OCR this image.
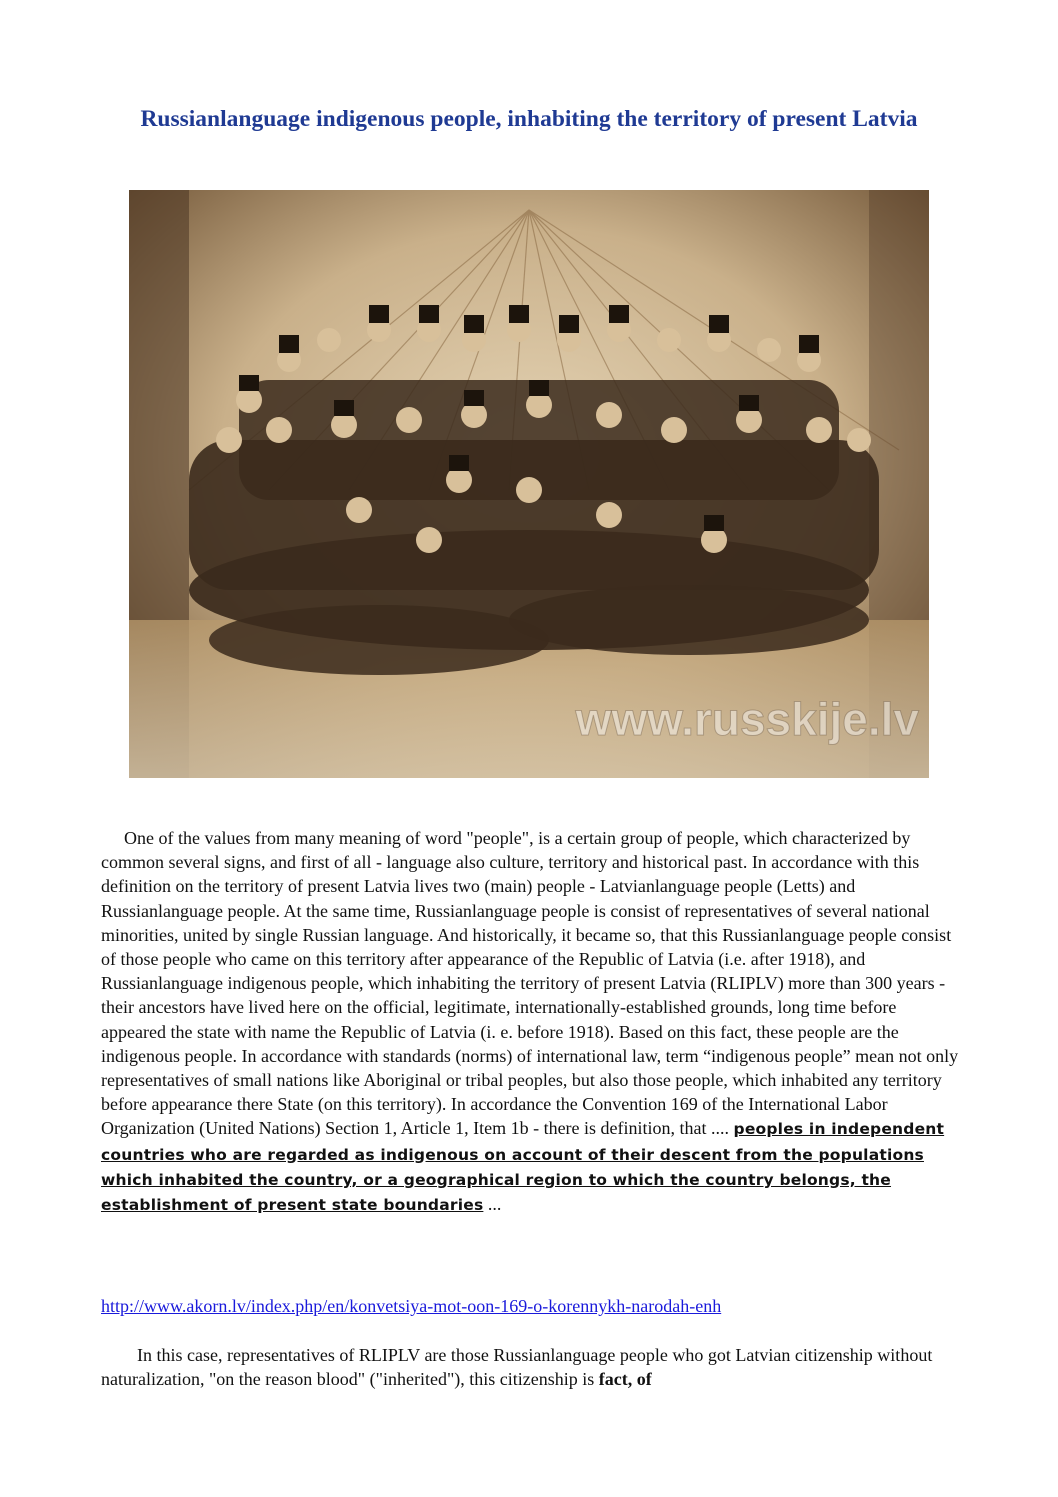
Russianlanguage indigenous people, inhabiting the territory of present Latvia
www.russkije.lv

One of the values from many meaning of word "people", is a certain group of people, which characterized by common several signs, and first of all - language also culture, territory and historical past. In accordance with this definition on the territory of present Latvia lives two (main) people - Latvianlanguage people (Letts) and Russianlanguage people. At the same time, Russianlanguage people is consist of representatives of several national minorities, united by single Russian language. And historically, it became so, that this Russianlanguage people consist of those people who came on this territory after appearance of the Republic of Latvia (i.e. after 1918), and Russianlanguage indigenous people, which inhabiting the territory of present Latvia (RLIPLV) more than 300 years - their ancestors have lived here on the official, legitimate, internationally-established grounds, long time before appeared the state with name the Republic of Latvia (i. e. before 1918). Based on this fact, these people are the indigenous people. In accordance with standards (norms) of international law, term “indigenous people” mean not only representatives of small nations like Aboriginal or tribal peoples, but also those people, which inhabited any territory before appearance there State (on this territory). In accordance the Convention 169 of the International Labor Organization (United Nations) Section 1, Article 1, Item 1b - there is definition, that .... peoples in independent countries who are regarded as indigenous on account of their descent from the populations which inhabited the country, or a geographical region to which the country belongs, the establishment of present state boundaries ...

http://www.akorn.lv/index.php/en/konvetsiya-mot-oon-169-o-korennykh-narodah-enh

In this case, representatives of RLIPLV are those Russianlanguage people who got Latvian citizenship without naturalization, "on the reason blood" ("inherited"), this citizenship is fact, of
